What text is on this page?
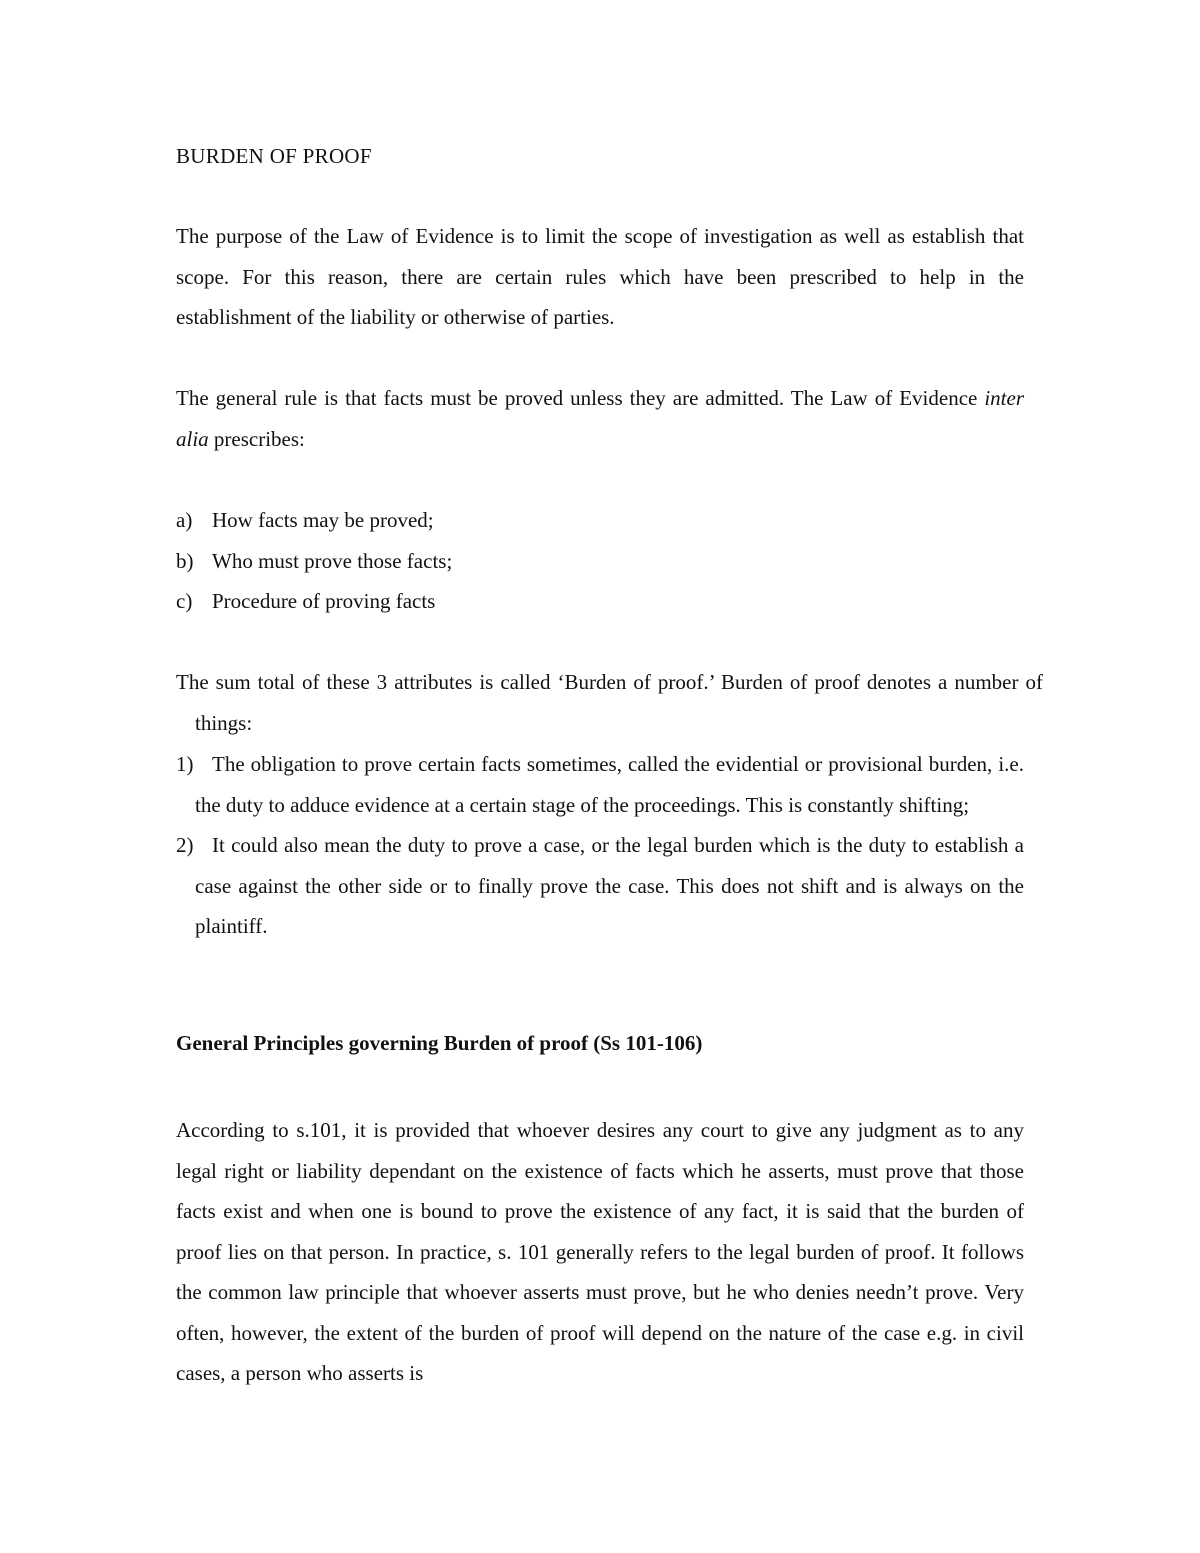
BURDEN OF PROOF

The purpose of the Law of Evidence is to limit the scope of investigation as well as establish that scope. For this reason, there are certain rules which have been prescribed to help in the establishment of the liability or otherwise of parties.

The general rule is that facts must be proved unless they are admitted. The Law of Evidence inter alia prescribes:

a) How facts may be proved;
b) Who must prove those facts;
c) Procedure of proving facts

The sum total of these 3 attributes is called ‘Burden of proof.’ Burden of proof denotes a number of things:

1) The obligation to prove certain facts sometimes, called the evidential or provisional burden, i.e. the duty to adduce evidence at a certain stage of the proceedings. This is constantly shifting;
2) It could also mean the duty to prove a case, or the legal burden which is the duty to establish a case against the other side or to finally prove the case. This does not shift and is always on the plaintiff.
General Principles governing Burden of proof (Ss 101-106)

According to s.101, it is provided that whoever desires any court to give any judgment as to any legal right or liability dependant on the existence of facts which he asserts, must prove that those facts exist and when one is bound to prove the existence of any fact, it is said that the burden of proof lies on that person. In practice, s. 101 generally refers to the legal burden of proof. It follows the common law principle that whoever asserts must prove, but he who denies needn’t prove. Very often, however, the extent of the burden of proof will depend on the nature of the case e.g. in civil cases, a person who asserts is
